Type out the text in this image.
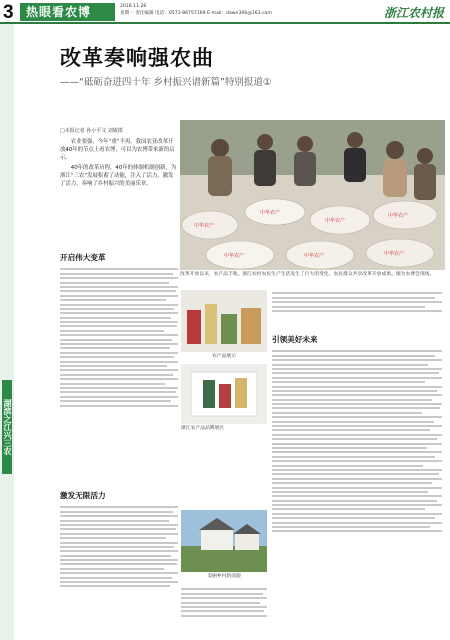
3	热眼看农博	2018.11.26
星期一 责任编辑 电话：0571-86757169 E-mail：dawn306@163.com	浙江农村报
湖滨之江兴三农
改革奏响强农曲
——“砥砺奋进四十年 乡村振兴谱新篇”特别报道①
□本报记者 孙小平文 刘敏摄

农业要强，今年“重”不再。我国农业改革开放40年的节点上看农博，可以为农博带来新的启示。

40年的改革历程，40年的体制机制创新，为浙江“三农”发展积蓄了动能，注入了活力，激发了活力，奏响了乡村振兴的美丽乐章。

中华农产
中华农产
中华农产
中华农产
中华农产	中华农产	中华农产
改革开放以来，农产品丰收。浙江农村农民生产生活发生了巨大的变化，农民群众共享改革开放成果。图为农博会现场。
开启伟大变革
激发无限活力
农产品展示
浙江农产品品牌展区
美丽乡村新面貌
引领美好未来
